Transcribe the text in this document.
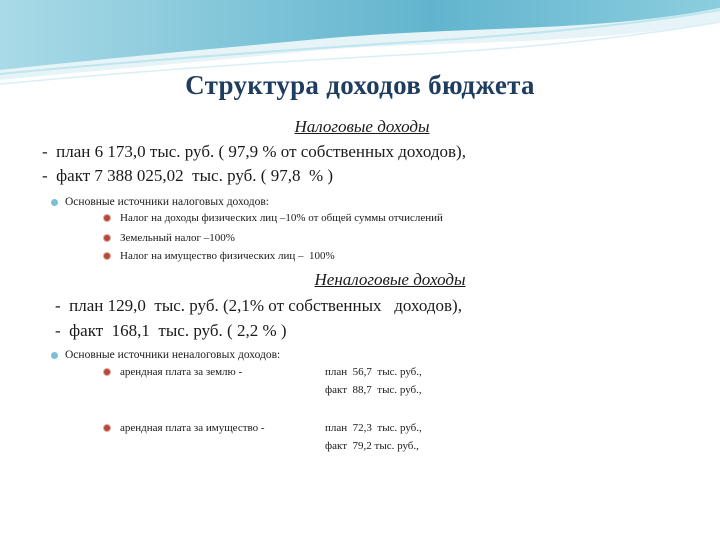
Структура доходов бюджета
Налоговые доходы
-  план 6 173,0 тыс. руб. ( 97,9 % от собственных доходов),
-  факт 7 388 025,02  тыс. руб. ( 97,8  % )
Основные источники налоговых доходов:
Налог на доходы физических лиц –10% от общей суммы отчислений
Земельный налог –100%
Налог на имущество физических лиц –  100%
Неналоговые доходы
-  план 129,0  тыс. руб. (2,1% от собственных   доходов),
-  факт  168,1  тыс. руб. ( 2,2 % )
Основные источники неналоговых доходов:
арендная плата за землю -	план  56,7  тыс. руб.,
факт  88,7  тыс. руб.,
арендная плата за имущество -	план  72,3  тыс. руб.,
факт  79,2 тыс. руб.,
